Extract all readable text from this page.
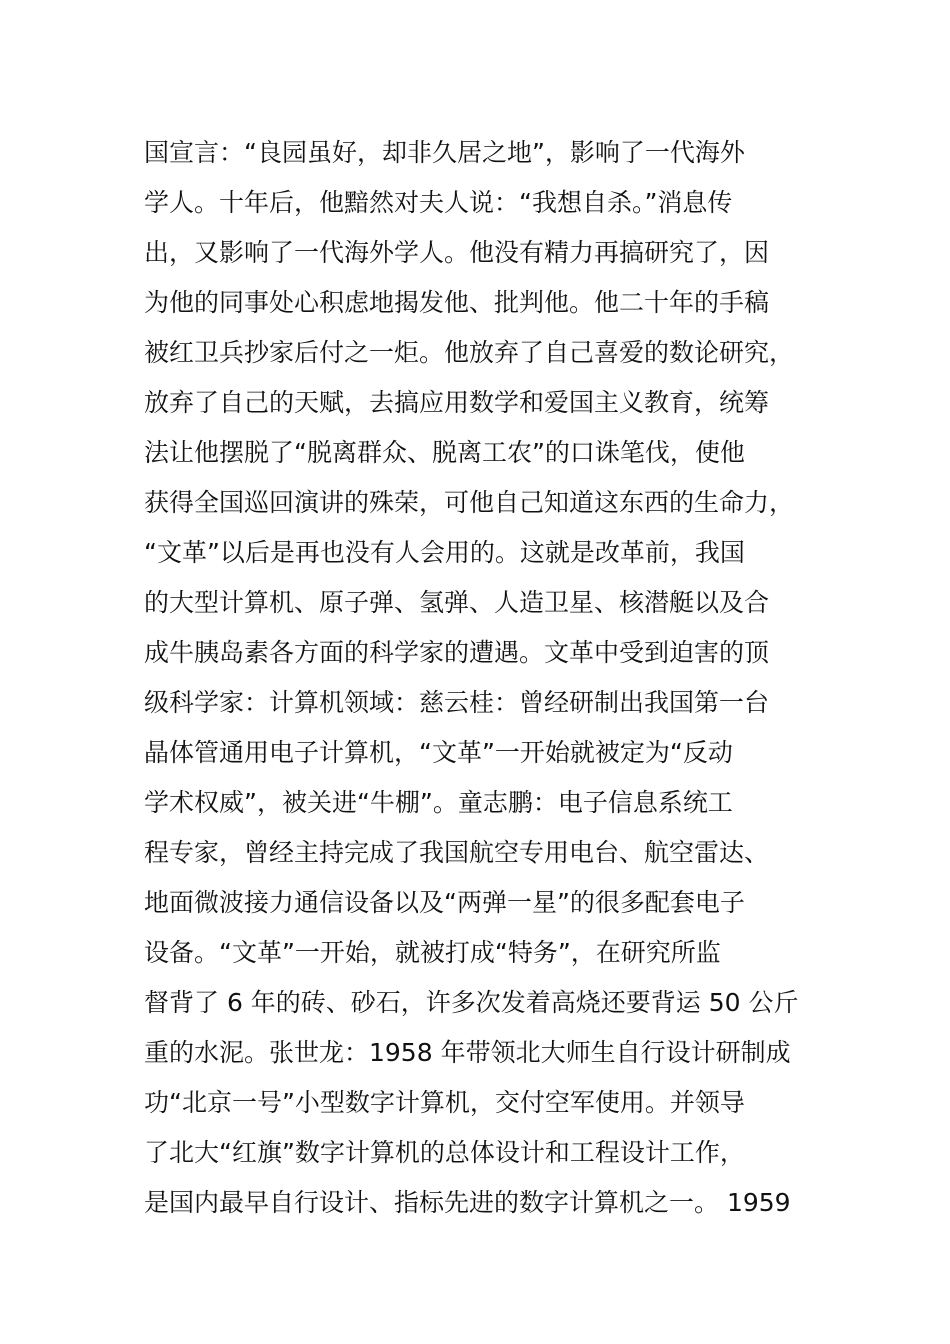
国宣言：“良园虽好，却非久居之地”，影响了一代海外
学人。十年后，他黯然对夫人说：“我想自杀。”消息传
出，又影响了一代海外学人。他没有精力再搞研究了，因
为他的同事处心积虑地揭发他、批判他。他二十年的手稿
被红卫兵抄家后付之一炬。他放弃了自己喜爱的数论研究，
放弃了自己的天赋，去搞应用数学和爱国主义教育，统筹
法让他摆脱了“脱离群众、脱离工农”的口诛笔伐，使他
获得全国巡回演讲的殊荣，可他自己知道这东西的生命力，
“文革”以后是再也没有人会用的。这就是改革前，我国
的大型计算机、原子弹、氢弹、人造卫星、核潜艇以及合
成牛胰岛素各方面的科学家的遭遇。文革中受到迫害的顶
级科学家：计算机领域：慈云桂：曾经研制出我国第一台
晶体管通用电子计算机，“文革”一开始就被定为“反动
学术权威”，被关进“牛棚”。童志鹏：电子信息系统工
程专家，曾经主持完成了我国航空专用电台、航空雷达、
地面微波接力通信设备以及“两弹一星”的很多配套电子
设备。“文革”一开始，就被打成“特务”，在研究所监
督背了 6 年的砖、砂石，许多次发着高烧还要背运 50 公斤
重的水泥。张世龙：1958 年带领北大师生自行设计研制成
功“北京一号”小型数字计算机，交付空军使用。并领导
了北大“红旗”数字计算机的总体设计和工程设计工作，
是国内最早自行设计、指标先进的数字计算机之一。 1959
